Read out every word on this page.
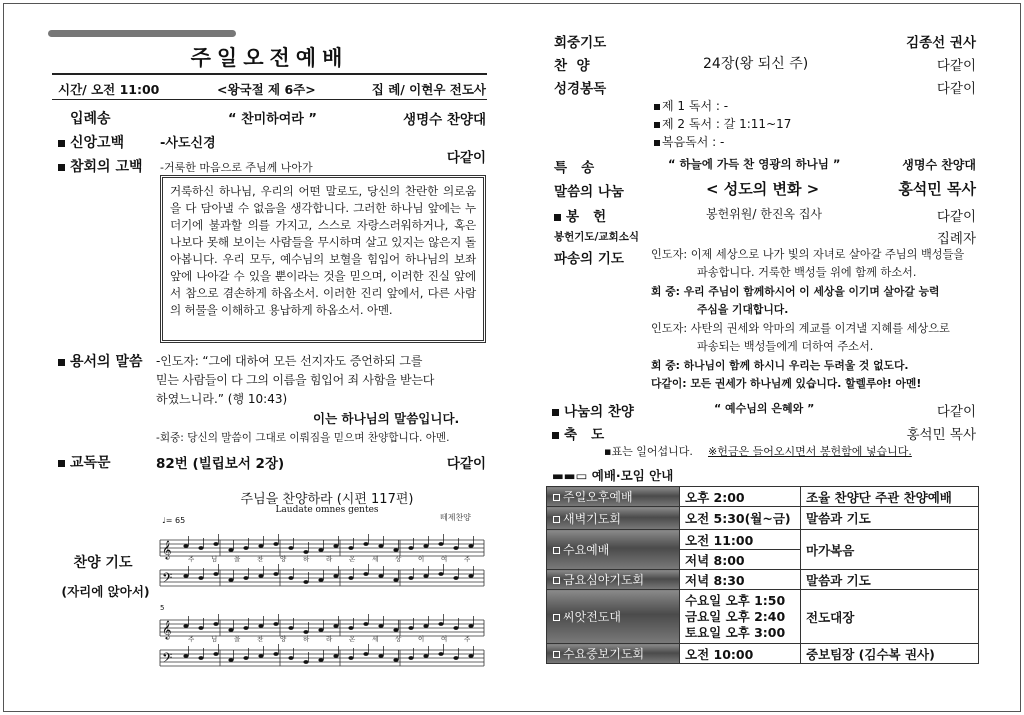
주일오전예배
시간/ 오전 11:00	<왕국절 제 6주>	집 례/ 이현우 전도사
입례송	“ 찬미하여라 ”	생명수 찬양대
신앙고백	-사도신경
참회의 고백 -거룩한 마음으로 주님께 나아가
다같이
거룩하신 하나님, 우리의 어떤 말로도, 당신의 찬란한 의로움을 다 담아낼 수 없음을 생각합니다. 그러한 하나님 앞에는 누더기에 불과할 의를 가지고, 스스로 자랑스러워하거나, 혹은 나보다 못해 보이는 사람들을 무시하며 살고 있지는 않은지 돌아봅니다. 우리 모두, 예수님의 보혈을 힘입어 하나님의 보좌 앞에 나아갈 수 있을 뿐이라는 것을 믿으며, 이러한 진실 앞에서 참으로 겸손하게 하옵소서. 이러한 진리 앞에서, 다른 사람의 허물을 이해하고 용납하게 하옵소서. 아멘.
용서의 말씀 -인도자: “그에 대하여 모든 선지자도 증언하되 그를
믿는 사람들이 다 그의 이름을 힘입어 죄 사함을 받는다
하였느니라.” (행 10:43)
이는 하나님의 말씀입니다.
-회중: 당신의 말씀이 그대로 이뤄짐을 믿으며 찬양합니다. 아멘.
교독문	82번 (빌립보서 2장)	다같이
주님을 찬양하라 (시편 117편)
Laudate omnes gentes
떼제찬양
♩= 65
5
찬양 기도
(자리에 앉아서)
𝄞
𝄢
𝄞
𝄢
주	님	을	찬	양	하	라	온	세	상	이	여	주
주	님	을	찬	양	하	라	온	세	상	이	여	주
회중기도	김종선 권사
찬  양	24장(왕 되신 주)	다같이
성경봉독	다같이
제 1 독서 : -
제 2 독서 : 갈 1:11~17
복음독서 : -
특   송	“ 하늘에 가득 찬 영광의 하나님 ”	생명수 찬양대
말씀의 나눔	< 성도의 변화 >	홍석민 목사
봉   헌	봉헌위원/ 한진옥 집사	다같이
봉헌기도/교회소식	집례자
파송의 기도 인도자: 이제 세상으로 나가 빛의 자녀로 살아갈 주님의 백성들을
파송합니다. 거룩한 백성들 위에 함께 하소서.
회 중: 우리 주님이 함께하시어 이 세상을 이기며 살아갈 능력
주심을 기대합니다.
인도자: 사탄의 권세와 악마의 계교를 이겨낼 지혜를 세상으로
파송되는 백성들에게 더하여 주소서.
회 중: 하나님이 함께 하시니 우리는 두려울 것 없도다.
다같이: 모든 권세가 하나님께 있습니다. 할렐루야! 아멘!
나눔의 찬양	“ 예수님의 은혜와 ”	다같이
축   도	홍석민 목사
▪표는 일어섭니다. ※헌금은 들어오시면서 봉헌함에 넣습니다.
▬▬▭ 예배·모임 안내
주일오후예배	오후 2:00	조율 찬양단 주관 찬양예배
새벽기도회	오전 5:30(월~금)	말씀과 기도
수요예배	오전 11:00	마가복음
	저녁 8:00	
금요심야기도회	저녁 8:30	말씀과 기도
씨앗전도대	수요일 오후 1:50
금요일 오후 2:40
토요일 오후 3:00	전도대장
수요중보기도회	오전 10:00	중보팀장 (김수복 권사)
